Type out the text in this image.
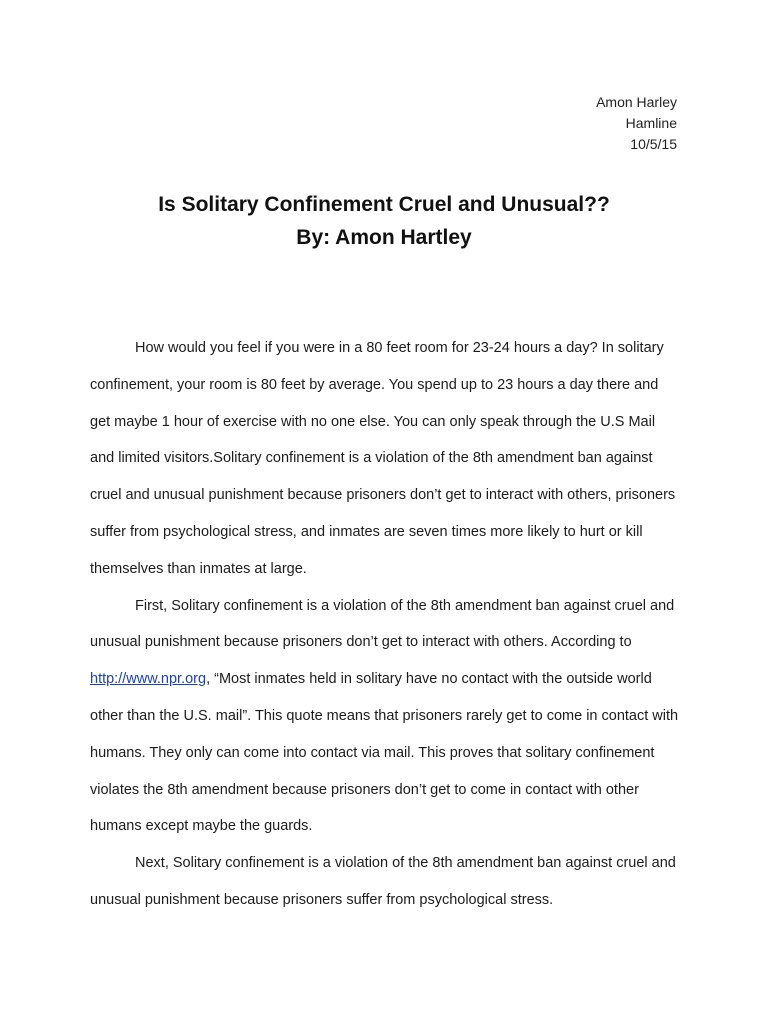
Amon Harley
Hamline
10/5/15
Is Solitary Confinement Cruel and Unusual??
By: Amon Hartley

How would you feel if you were in a 80 feet room for 23-24 hours a day? In solitary confinement, your room is 80 feet by average. You spend up to 23 hours a day there and get maybe 1 hour of exercise with no one else. You can only speak through the U.S Mail and limited visitors.Solitary confinement is a violation of the 8th amendment ban against cruel and unusual punishment because prisoners don’t get to interact with others, prisoners suffer from psychological stress, and inmates are seven times more likely to hurt or kill themselves than inmates at large.

First, Solitary confinement is a violation of the 8th amendment ban against cruel and unusual punishment because prisoners don’t get to interact with others. According to http://www.npr.org, “Most inmates held in solitary have no contact with the outside world other than the U.S. mail”. This quote means that prisoners rarely get to come in contact with humans. They only can come into contact via mail. This proves that solitary confinement violates the 8th amendment because prisoners don’t get to come in contact with other humans except maybe the guards.

Next, Solitary confinement is a violation of the 8th amendment ban against cruel and unusual punishment because prisoners suffer from psychological stress.
